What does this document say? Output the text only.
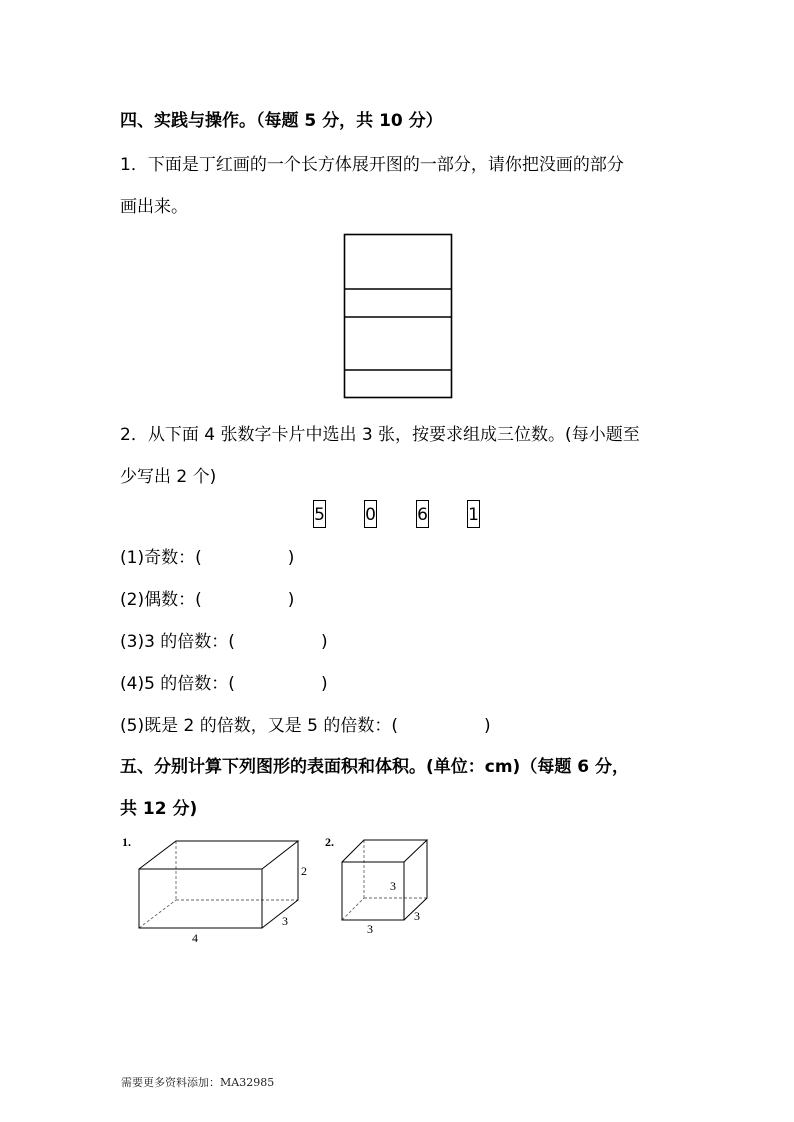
四、实践与操作。（每题 5 分，共 10 分）
1．下面是丁红画的一个长方体展开图的一部分，请你把没画的部分
画出来。
2．从下面 4 张数字卡片中选出 3 张，按要求组成三位数。(每小题至
少写出 2 个)
5 0 6 1
(1)奇数：(	)
(2)偶数：(	)
(3)3 的倍数：(	)
(4)5 的倍数：(	)
(5)既是 2 的倍数，又是 5 的倍数：(	)
五、分别计算下列图形的表面积和体积。(单位：cm)（每题 6 分，
共 12 分)
1.
2
3
4
2.
3
3
3
需要更多资料添加：MA32985
